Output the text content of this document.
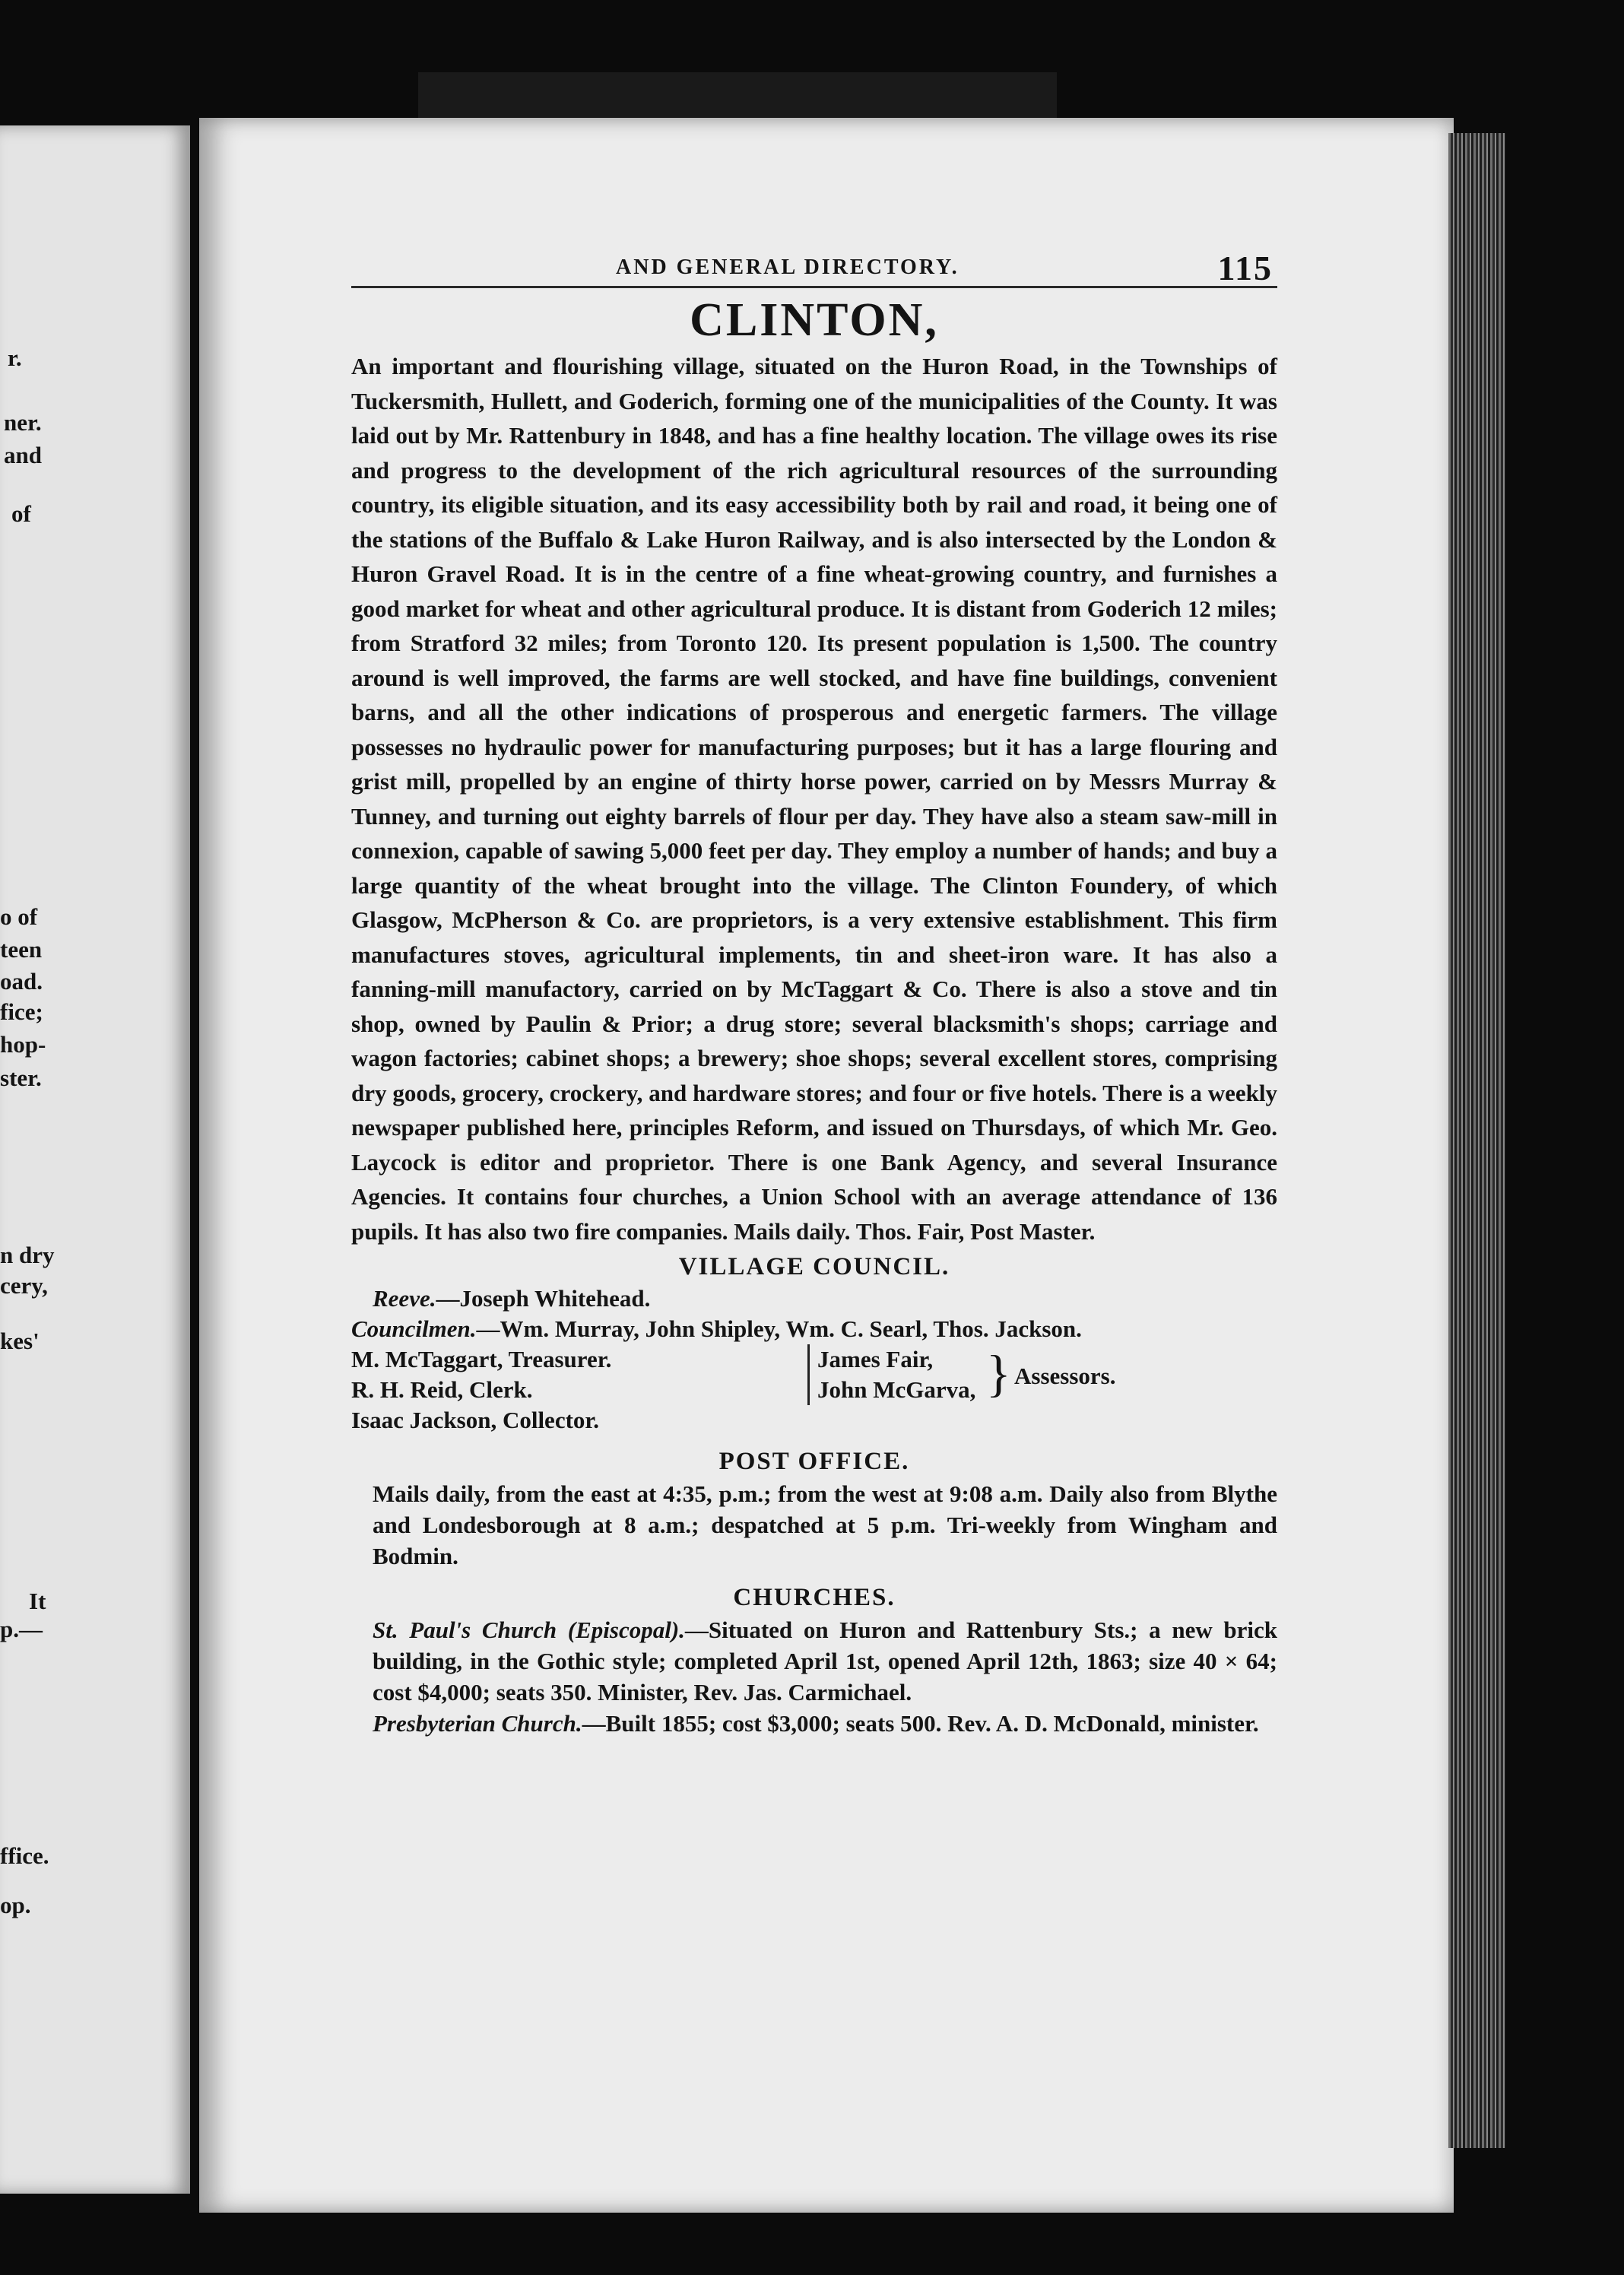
r.
ner.
and
of
o of
teen
oad.
fice;
hop-
ster.
n dry
cery,
kes'
It
p.—
ffice.
op.
AND GENERAL DIRECTORY.	115
CLINTON,

An important and flourishing village, situated on the Huron Road, in the Townships of Tuckersmith, Hullett, and Goderich, forming one of the municipalities of the County. It was laid out by Mr. Rattenbury in 1848, and has a fine healthy location. The village owes its rise and progress to the development of the rich agricultural resources of the surrounding country, its eligible situation, and its easy accessibility both by rail and road, it being one of the stations of the Buffalo & Lake Huron Railway, and is also intersected by the London & Huron Gravel Road. It is in the centre of a fine wheat-growing country, and furnishes a good market for wheat and other agricultural produce. It is distant from Goderich 12 miles; from Stratford 32 miles; from Toronto 120. Its present population is 1,500. The country around is well improved, the farms are well stocked, and have fine buildings, convenient barns, and all the other indications of prosperous and energetic farmers. The village possesses no hydraulic power for manufacturing purposes; but it has a large flouring and grist mill, propelled by an engine of thirty horse power, carried on by Messrs Murray & Tunney, and turning out eighty barrels of flour per day. They have also a steam saw-mill in connexion, capable of sawing 5,000 feet per day. They employ a number of hands; and buy a large quantity of the wheat brought into the village. The Clinton Foundery, of which Glasgow, McPherson & Co. are proprietors, is a very extensive establishment. This firm manufactures stoves, agricultural implements, tin and sheet-iron ware. It has also a fanning-mill manufactory, carried on by McTaggart & Co. There is also a stove and tin shop, owned by Paulin & Prior; a drug store; several blacksmith's shops; carriage and wagon factories; cabinet shops; a brewery; shoe shops; several excellent stores, comprising dry goods, grocery, crockery, and hardware stores; and four or five hotels. There is a weekly newspaper published here, principles Reform, and issued on Thursdays, of which Mr. Geo. Laycock is editor and proprietor. There is one Bank Agency, and several Insurance Agencies. It contains four churches, a Union School with an average attendance of 136 pupils. It has also two fire companies. Mails daily. Thos. Fair, Post Master.

VILLAGE COUNCIL.

Reeve.—Joseph Whitehead.

Councilmen.—Wm. Murray, John Shipley, Wm. C. Searl, Thos. Jackson.

M. McTaggart, Treasurer.
R. H. Reid, Clerk.
Isaac Jackson, Collector.
James Fair,
John McGarva, } Assessors.
POST OFFICE.

Mails daily, from the east at 4:35, p.m.; from the west at 9:08 a.m. Daily also from Blythe and Londesborough at 8 a.m.; despatched at 5 p.m. Tri-weekly from Wingham and Bodmin.

CHURCHES.

St. Paul's Church (Episcopal).—Situated on Huron and Rattenbury Sts.; a new brick building, in the Gothic style; completed April 1st, opened April 12th, 1863; size 40 × 64; cost $4,000; seats 350. Minister, Rev. Jas. Carmichael.

Presbyterian Church.—Built 1855; cost $3,000; seats 500. Rev. A. D. McDonald, minister.
